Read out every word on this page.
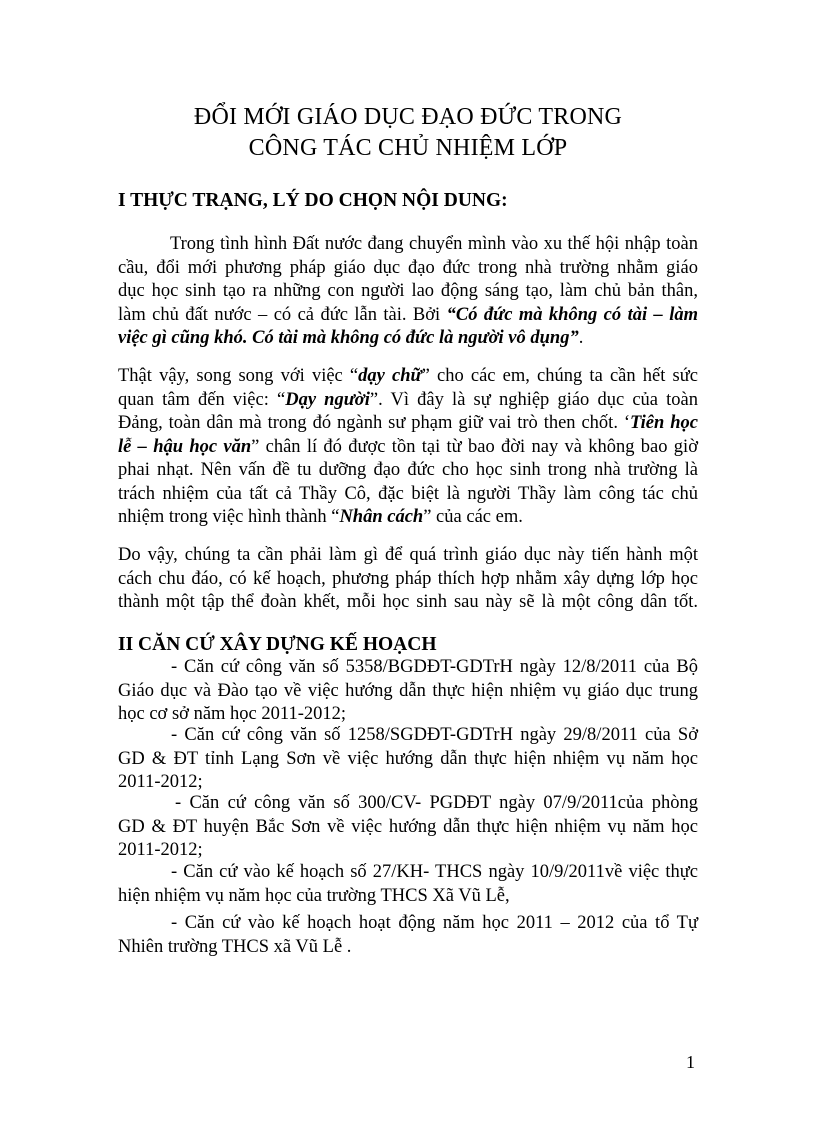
ĐỔI MỚI GIÁO DỤC ĐẠO ĐỨC TRONG
CÔNG TÁC CHỦ NHIỆM LỚP
I THỰC TRẠNG, LÝ DO CHỌN NỘI DUNG:
Trong tình hình Đất nước đang chuyển mình vào xu thế hội nhập toàn
cầu, đổi mới phương pháp giáo dục đạo đức trong nhà trường nhằm giáo
dục học sinh tạo ra những con người lao động sáng tạo, làm chủ bản thân,
làm chủ đất nước – có cả đức lẫn tài. Bởi “Có đức mà không có tài – làm
việc gì cũng khó. Có tài mà không có đức là người vô dụng”.
Thật vậy, song song với việc “dạy chữ” cho các em, chúng ta cần hết sức
quan tâm đến việc: “Dạy người”. Vì đây là sự nghiệp giáo dục của toàn
Đảng, toàn dân mà trong đó ngành sư phạm giữ vai trò then chốt. ‘Tiên học
lễ – hậu học văn” chân lí đó được tồn tại từ bao đời nay và không bao giờ
phai nhạt. Nên vấn đề tu dưỡng đạo đức cho học sinh trong nhà trường là
trách nhiệm của tất cả Thầy Cô, đặc biệt là người Thầy làm công tác chủ
nhiệm trong việc hình thành “Nhân cách” của các em.
Do vậy, chúng ta cần phải làm gì để quá trình giáo dục này tiến hành một
cách chu đáo, có kế hoạch, phương pháp thích hợp nhằm xây dựng lớp học
thành một tập thể đoàn khết, mỗi học sinh sau này sẽ là một công dân tốt.
II CĂN CỨ XÂY DỰNG KẾ HOẠCH
- Căn cứ công văn số 5358/BGDĐT-GDTrH ngày 12/8/2011 của Bộ
Giáo dục và Đào tạo về việc hướng dẫn thực hiện nhiệm vụ giáo dục trung
học cơ sở năm học 2011-2012;
- Căn cứ công văn số 1258/SGDĐT-GDTrH ngày 29/8/2011 của Sở
GD & ĐT tỉnh Lạng Sơn về việc hướng dẫn thực hiện nhiệm vụ năm học
2011-2012;
- Căn cứ công văn số 300/CV- PGDĐT ngày 07/9/2011của phòng
GD & ĐT huyện Bắc Sơn về việc hướng dẫn thực hiện nhiệm vụ năm học
2011-2012;
- Căn cứ vào kế hoạch số 27/KH- THCS ngày 10/9/2011về việc thực
hiện nhiệm vụ năm học của trường THCS Xã Vũ Lễ,
- Căn cứ vào kế hoạch hoạt động năm học 2011 – 2012 của tổ Tự
Nhiên trường THCS xã Vũ Lễ .
1
